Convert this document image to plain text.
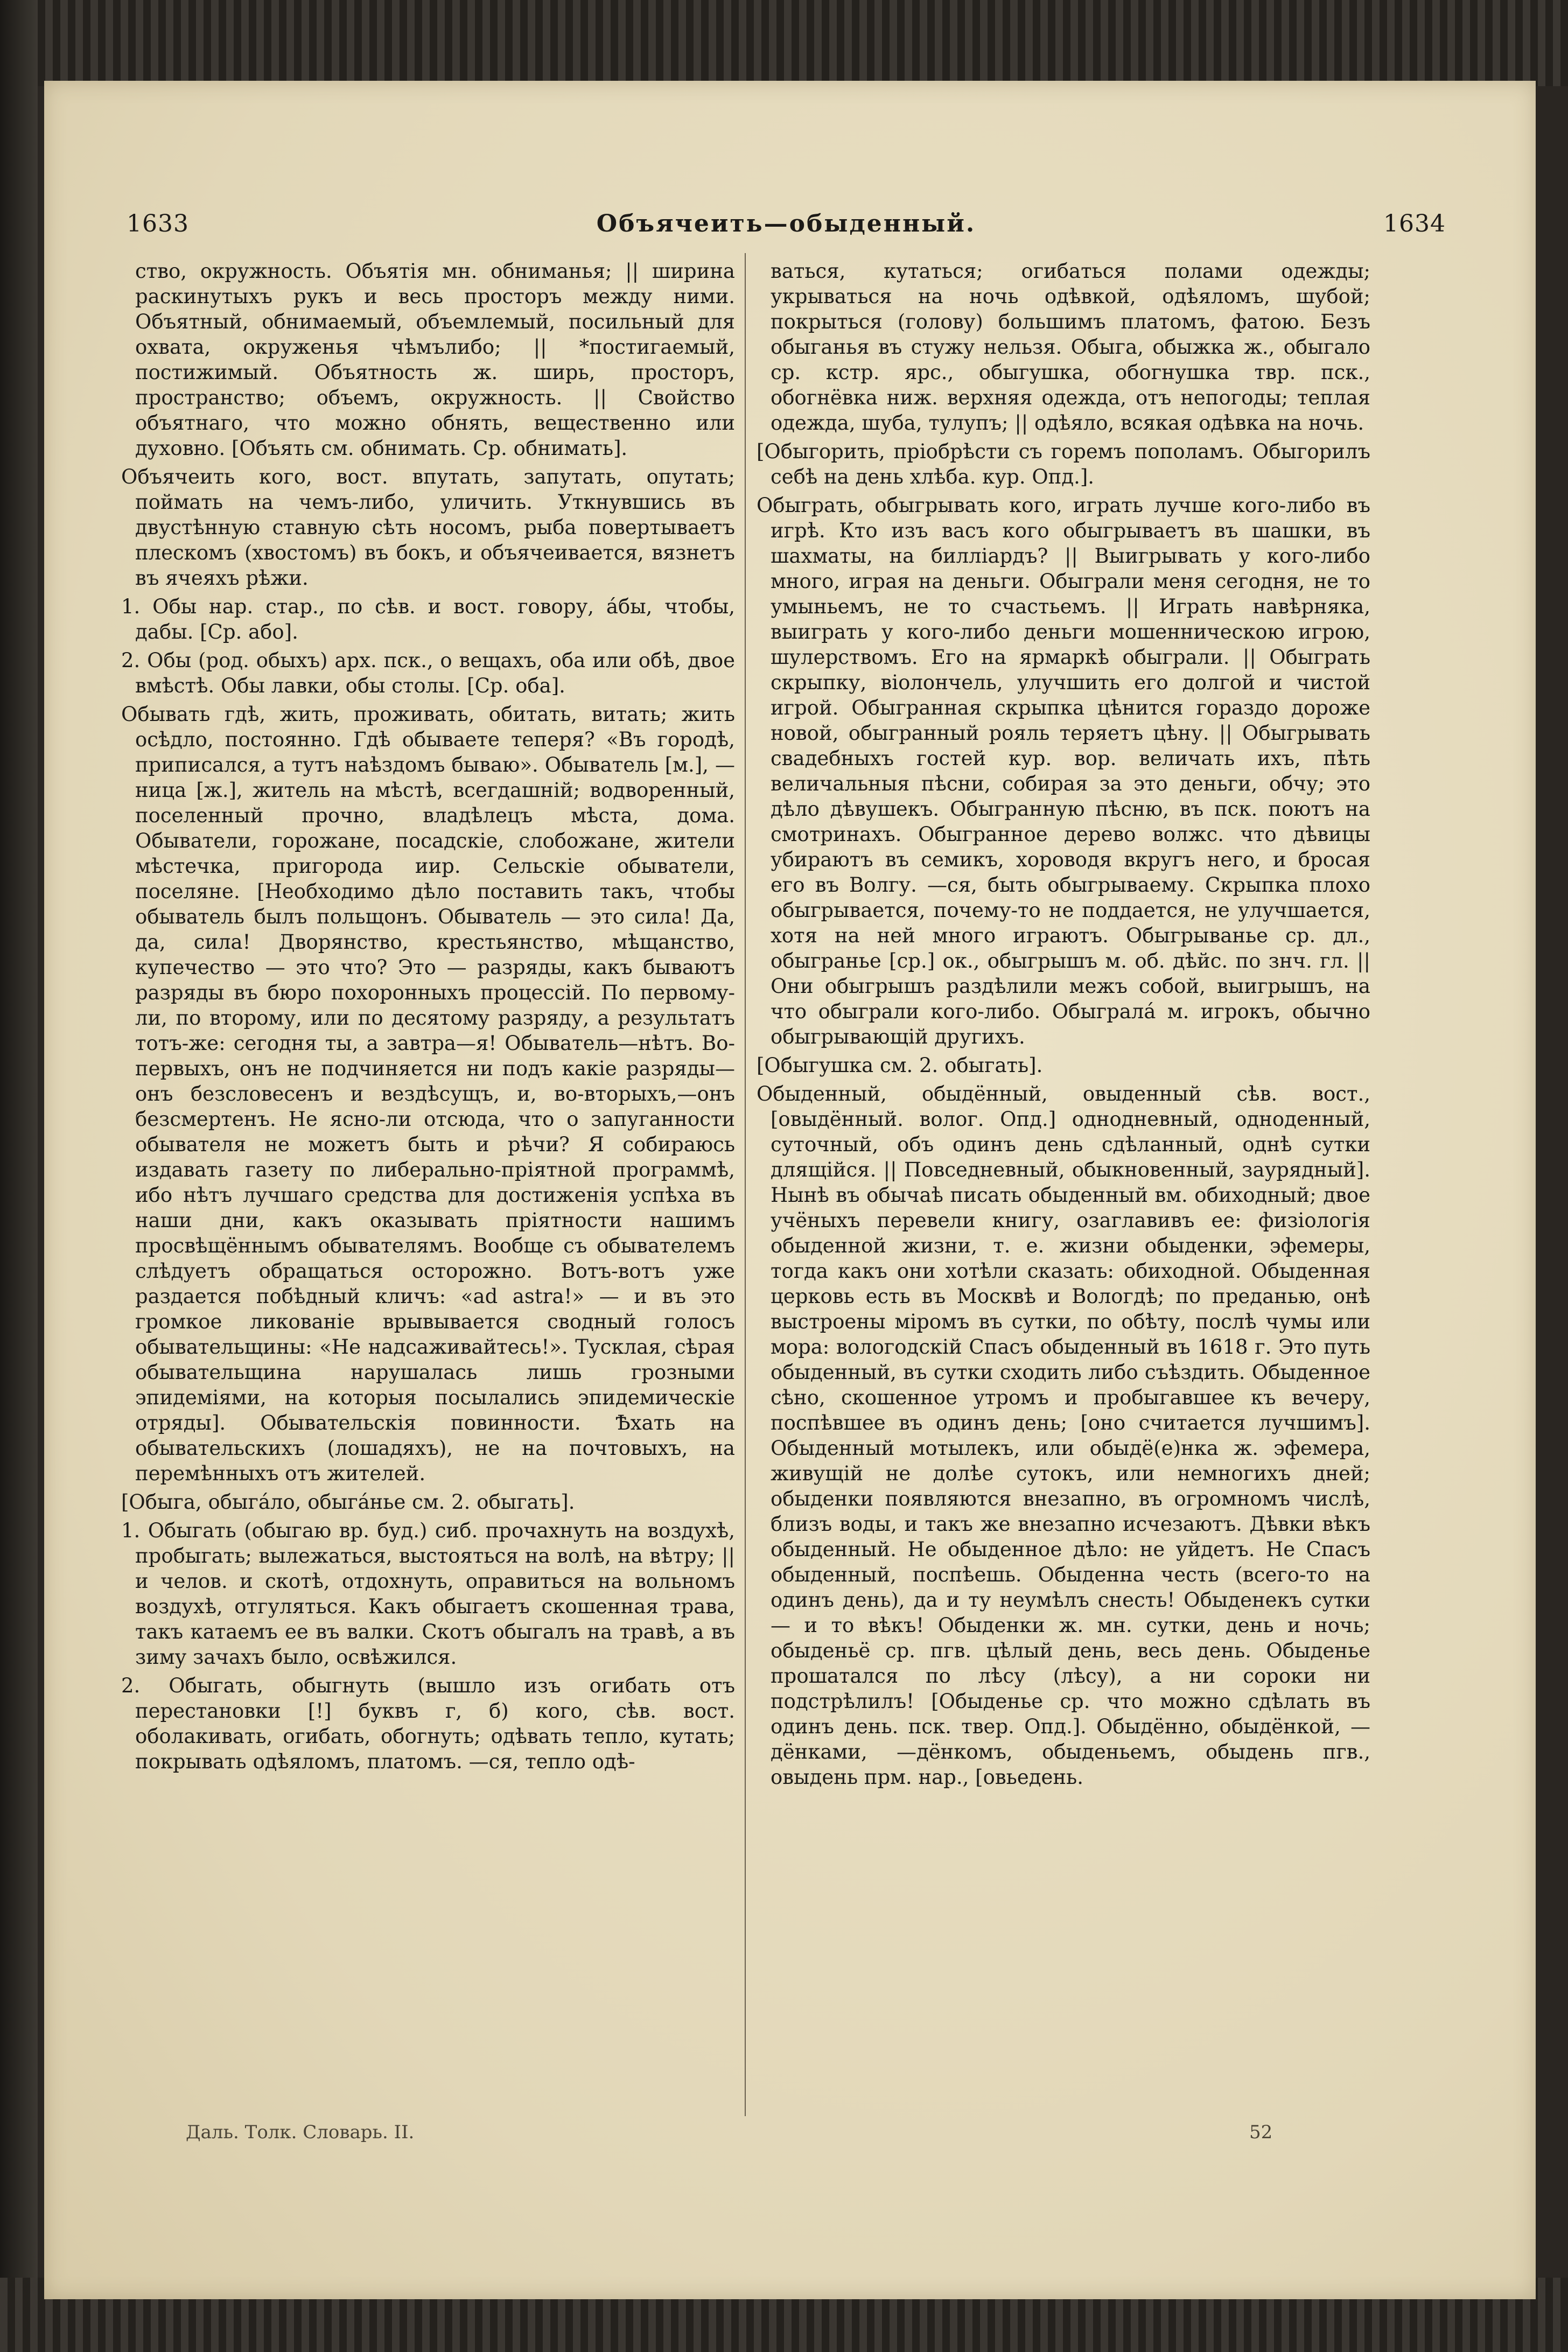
1633	Объячеить—обыденный.	1634

ство, окружность. Объятія мн. обниманья; || ширина раскинутыхъ рукъ и весь просторъ между ними. Объятный, обнимаемый, объемлемый, посильный для охвата, окруженья чѣмълибо; || *постигаемый, постижимый. Объятность ж. ширь, просторъ, пространство; объемъ, окружность. || Свойство объятнаго, что можно обнять, вещественно или духовно. [Объять см. обнимать. Ср. обнимать].

Объячеить кого, вост. впутать, запутать, опутать; поймать на чемъ-либо, уличить. Уткнувшись въ двустѣнную ставную сѣть носомъ, рыба повертываетъ плескомъ (хвостомъ) въ бокъ, и объячеивается, вязнетъ въ ячеяхъ рѣжи.

1. Обы нар. стар., по сѣв. и вост. говору, áбы, чтобы, дабы. [Ср. або].

2. Обы (род. обыхъ) арх. пск., о вещахъ, оба или обѣ, двое вмѣстѣ. Обы лавки, обы столы. [Ср. оба].

Обывать гдѣ, жить, проживать, обитать, витать; жить осѣдло, постоянно. Гдѣ обываете теперя? «Въ городѣ, приписался, а тутъ наѣздомъ бываю». Обыватель [м.], —ница [ж.], житель на мѣстѣ, всегдашній; водворенный, поселенный прочно, владѣлецъ мѣста, дома. Обыватели, горожане, посадскіе, слобожане, жители мѣстечка, пригорода иир. Сельскіе обыватели, поселяне. [Необходимо дѣло поставить такъ, чтобы обыватель былъ польщонъ. Обыватель — это сила! Да, да, сила! Дворянство, крестьянство, мѣщанство, купечество — это что? Это — разряды, какъ бываютъ разряды въ бюро похоронныхъ процессій. По первому-ли, по второму, или по десятому разряду, а результатъ тотъ-же: сегодня ты, а завтра—я! Обыватель—нѣтъ. Во-первыхъ, онъ не подчиняется ни подъ какіе разряды—онъ безсловесенъ и вездѣсущъ, и, во-вторыхъ,—онъ безсмертенъ. Не ясно-ли отсюда, что о запуганности обывателя не можетъ быть и рѣчи? Я собираюсь издавать газету по либерально-пріятной программѣ, ибо нѣтъ лучшаго средства для достиженія успѣха въ наши дни, какъ оказывать пріятности нашимъ просвѣщённымъ обывателямъ. Вообще съ обывателемъ слѣдуетъ обращаться осторожно. Вотъ-вотъ уже раздается побѣдный кличъ: «ad astra!» — и въ это громкое ликованіе врывывается сводный голосъ обывательщины: «Не надсаживайтесь!». Тусклая, сѣрая обывательщина нарушалась лишь грозными эпидеміями, на которыя посылались эпидемическіе отряды]. Обывательскія повинности. Ѣхать на обывательскихъ (лошадяхъ), не на почтовыхъ, на перемѣнныхъ отъ жителей.

[Обыга, обыгáло, обыгáнье см. 2. обыгать].

1. Обыгать (обыгаю вр. буд.) сиб. прочахнуть на воздухѣ, пробыгать; вылежаться, выстояться на волѣ, на вѣтру; || и челов. и скотѣ, отдохнуть, оправиться на вольномъ воздухѣ, отгуляться. Какъ обыгаетъ скошенная трава, такъ катаемъ ее въ валки. Скотъ обыгалъ на травѣ, а въ зиму зачахъ было, освѣжился.

2. Обыгать, обыгнуть (вышло изъ огибать отъ перестановки [!] буквъ г, б) кого, сѣв. вост. оболакивать, огибать, обогнуть; одѣвать тепло, кутать; покрывать одѣяломъ, платомъ. —ся, тепло одѣ-

ваться, кутаться; огибаться полами одежды; укрываться на ночь одѣвкой, одѣяломъ, шубой; покрыться (голову) большимъ платомъ, фатою. Безъ обыганья въ стужу нельзя. Обыга, обыжка ж., обыгало ср. кстр. ярс., обыгушка, обогнушка твр. пск., обогнёвка ниж. верхняя одежда, отъ непогоды; теплая одежда, шуба, тулупъ; || одѣяло, всякая одѣвка на ночь.

[Обыгорить, пріобрѣсти съ горемъ пополамъ. Обыгорилъ себѣ на день хлѣба. кур. Опд.].

Обыграть, обыгрывать кого, играть лучше кого-либо въ игрѣ. Кто изъ васъ кого обыгрываетъ въ шашки, въ шахматы, на билліардъ? || Выигрывать у кого-либо много, играя на деньги. Обыграли меня сегодня, не то умыньемъ, не то счастьемъ. || Играть навѣрняка, выиграть у кого-либо деньги мошенническою игрою, шулерствомъ. Его на ярмаркѣ обыграли. || Обыграть скрыпку, віолончель, улучшить его долгой и чистой игрой. Обыгранная скрыпка цѣнится гораздо дороже новой, обыгранный рояль теряетъ цѣну. || Обыгрывать свадебныхъ гостей кур. вор. величать ихъ, пѣть величальныя пѣсни, собирая за это деньги, обчу; это дѣло дѣвушекъ. Обыгранную пѣсню, въ пск. поютъ на смотринахъ. Обыгранное дерево волжс. что дѣвицы убираютъ въ семикъ, хороводя вкругъ него, и бросая его въ Волгу. —ся, быть обыгрываему. Скрыпка плохо обыгрывается, почему-то не поддается, не улучшается, хотя на ней много играютъ. Обыгрыванье ср. дл., обыгранье [ср.] ок., обыгрышъ м. об. дѣйс. по знч. гл. || Они обыгрышъ раздѣлили межъ собой, выигрышъ, на что обыграли кого-либо. Обыгралá м. игрокъ, обычно обыгрывающій другихъ.

[Обыгушка см. 2. обыгать].

Обыденный, обыдённый, овыденный сѣв. вост., [овыдённый. волог. Опд.] однодневный, одноденный, суточный, объ одинъ день сдѣланный, однѣ сутки длящійся. || Повседневный, обыкновенный, заурядный]. Нынѣ въ обычаѣ писать обыденный вм. обиходный; двое учёныхъ перевели книгу, озаглавивъ ее: физіологія обыденной жизни, т. е. жизни обыденки, эфемеры, тогда какъ они хотѣли сказать: обиходной. Обыденная церковь есть въ Москвѣ и Вологдѣ; по преданью, онѣ выстроены міромъ въ сутки, по обѣту, послѣ чумы или мора: вологодскій Спасъ обыденный въ 1618 г. Это путь обыденный, въ сутки сходить либо съѣздить. Обыденное сѣно, скошенное утромъ и пробыгавшее къ вечеру, поспѣвшее въ одинъ день; [оно считается лучшимъ]. Обыденный мотылекъ, или обыдё(е)нка ж. эфемера, живущій не долѣе сутокъ, или немногихъ дней; обыденки появляются внезапно, въ огромномъ числѣ, близъ воды, и такъ же внезапно исчезаютъ. Дѣвки вѣкъ обыденный. Не обыденное дѣло: не уйдетъ. Не Спасъ обыденный, поспѣешь. Обыденна честь (всего-то на одинъ день), да и ту неумѣлъ снесть! Обыденекъ сутки — и то вѣкъ! Обыденки ж. мн. сутки, день и ночь; обыденьё ср. пгв. цѣлый день, весь день. Обыденье прошатался по лѣсу (лѣсу), а ни сороки ни подстрѣлилъ! [Обыденье ср. что можно сдѣлать въ одинъ день. пск. твер. Опд.]. Обыдённо, обыдёнкой, —дёнками, —дёнкомъ, обыденьемъ, обыдень пгв., овыдень прм. нар., [овьедень.

Даль. Толк. Словарь. II.	52
